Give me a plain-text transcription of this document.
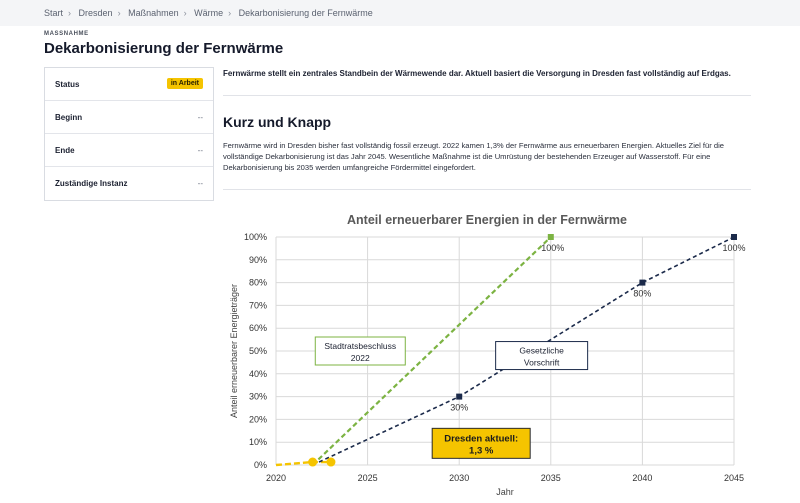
Start › Dresden › Maßnahmen › Wärme › Dekarbonisierung der Fernwärme
MASSNAHME
Dekarbonisierung der Fernwärme
Status	in Arbeit
Beginn	--
Ende	--
Zuständige Instanz	--

Fernwärme stellt ein zentrales Standbein der Wärmewende dar. Aktuell basiert die Versorgung in Dresden fast vollständig auf Erdgas.

Kurz und Knapp

Fernwärme wird in Dresden bisher fast vollständig fossil erzeugt. 2022 kamen 1,3% der Fernwärme aus erneuerbaren Energien. Aktuelles Ziel für die vollständige Dekarbonisierung ist das Jahr 2045. Wesentliche Maßnahme ist die Umrüstung der bestehenden Erzeuger auf Wasserstoff. Für eine Dekarbonisierung bis 2035 werden umfangreiche Fördermittel eingefordert.

Anteil erneuerbarer Energien in der Fernwärme
0%
10%
20%
30%
40%
50%
60%
70%
80%
90%
100%
2020	2025	2030	2035	2040	2045
Anteil erneuerbarer Energieträger
Jahr
100%
30%
80%
100%
Stadtratsbeschluss
2022
Gesetzliche
Vorschrift
Dresden aktuell:
1,3 %
